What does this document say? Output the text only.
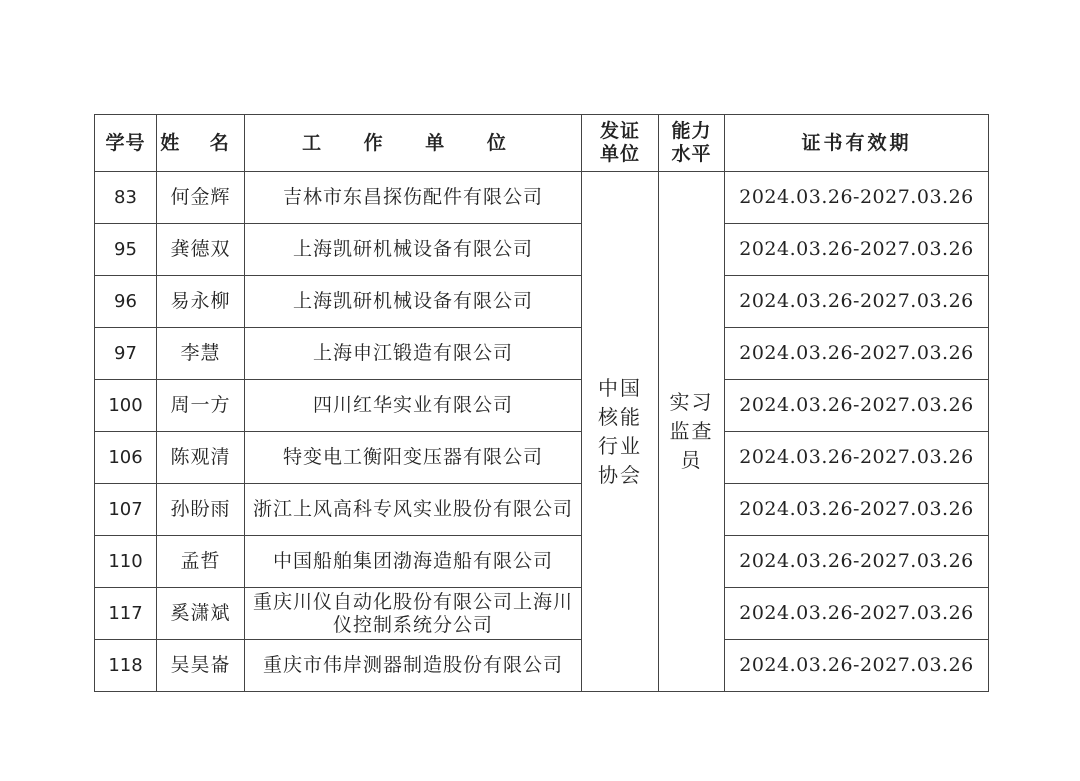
学号	姓 名	工 作 单 位	发证单位	能力水平	证书有效期
83	何金辉	吉林市东昌探伤配件有限公司	中国核能行业协会	实习监查员	2024.03.26-2027.03.26
95	龚德双	上海凯研机械设备有限公司			2024.03.26-2027.03.26
96	易永柳	上海凯研机械设备有限公司			2024.03.26-2027.03.26
97	李慧	上海申江锻造有限公司			2024.03.26-2027.03.26
100	周一方	四川红华实业有限公司			2024.03.26-2027.03.26
106	陈观清	特变电工衡阳变压器有限公司			2024.03.26-2027.03.26
107	孙盼雨	浙江上风高科专风实业股份有限公司			2024.03.26-2027.03.26
110	孟哲	中国船舶集团渤海造船有限公司			2024.03.26-2027.03.26
117	奚潇斌	重庆川仪自动化股份有限公司上海川仪控制系统分公司			2024.03.26-2027.03.26
118	吴昊崙	重庆市伟岸测器制造股份有限公司			2024.03.26-2027.03.26
